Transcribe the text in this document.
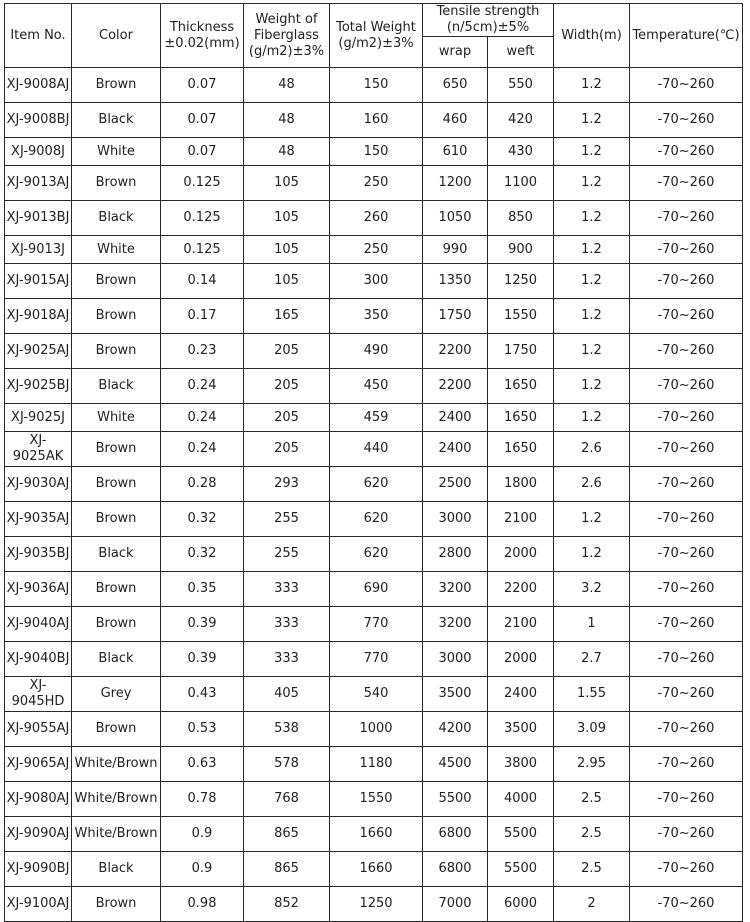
Item No.	Color	Thickness ±0.02(mm)	Weight of Fiberglass (g/m2)±3%	Total Weight (g/m2)±3%	Tensile strength (n/5cm)±5%		Width(m)	Temperature(℃)
					wrap	weft		
XJ-9008AJ	Brown	0.07	48	150	650	550	1.2	-70~260
XJ-9008BJ	Black	0.07	48	160	460	420	1.2	-70~260
XJ-9008J	White	0.07	48	150	610	430	1.2	-70~260
XJ-9013AJ	Brown	0.125	105	250	1200	1100	1.2	-70~260
XJ-9013BJ	Black	0.125	105	260	1050	850	1.2	-70~260
XJ-9013J	White	0.125	105	250	990	900	1.2	-70~260
XJ-9015AJ	Brown	0.14	105	300	1350	1250	1.2	-70~260
XJ-9018AJ	Brown	0.17	165	350	1750	1550	1.2	-70~260
XJ-9025AJ	Brown	0.23	205	490	2200	1750	1.2	-70~260
XJ-9025BJ	Black	0.24	205	450	2200	1650	1.2	-70~260
XJ-9025J	White	0.24	205	459	2400	1650	1.2	-70~260
XJ-9025AK	Brown	0.24	205	440	2400	1650	2.6	-70~260
XJ-9030AJ	Brown	0.28	293	620	2500	1800	2.6	-70~260
XJ-9035AJ	Brown	0.32	255	620	3000	2100	1.2	-70~260
XJ-9035BJ	Black	0.32	255	620	2800	2000	1.2	-70~260
XJ-9036AJ	Brown	0.35	333	690	3200	2200	3.2	-70~260
XJ-9040AJ	Brown	0.39	333	770	3200	2100	1	-70~260
XJ-9040BJ	Black	0.39	333	770	3000	2000	2.7	-70~260
XJ-9045HD	Grey	0.43	405	540	3500	2400	1.55	-70~260
XJ-9055AJ	Brown	0.53	538	1000	4200	3500	3.09	-70~260
XJ-9065AJ	White/Brown	0.63	578	1180	4500	3800	2.95	-70~260
XJ-9080AJ	White/Brown	0.78	768	1550	5500	4000	2.5	-70~260
XJ-9090AJ	White/Brown	0.9	865	1660	6800	5500	2.5	-70~260
XJ-9090BJ	Black	0.9	865	1660	6800	5500	2.5	-70~260
XJ-9100AJ	Brown	0.98	852	1250	7000	6000	2	-70~260
